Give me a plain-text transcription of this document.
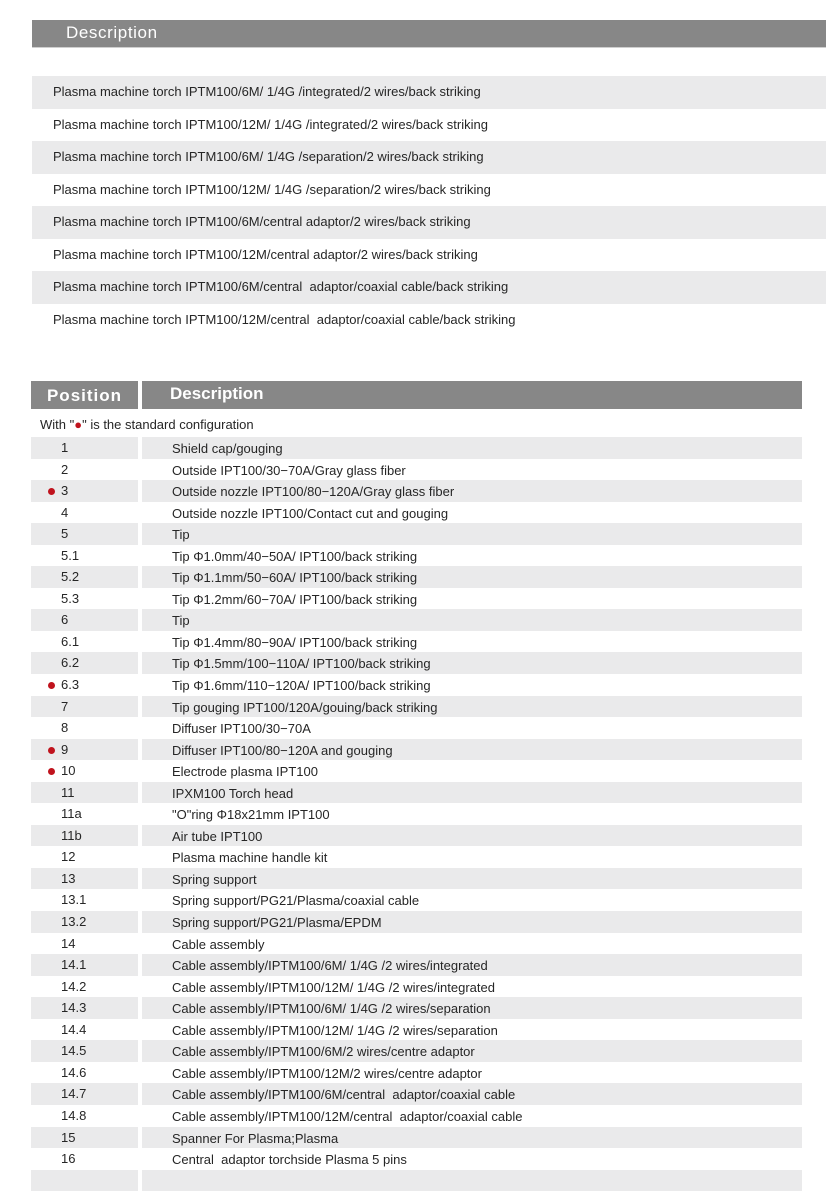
Description
Plasma machine torch IPTM100/6M/ 1/4G /integrated/2 wires/back striking
Plasma machine torch IPTM100/12M/ 1/4G /integrated/2 wires/back striking
Plasma machine torch IPTM100/6M/ 1/4G /separation/2 wires/back striking
Plasma machine torch IPTM100/12M/ 1/4G /separation/2 wires/back striking
Plasma machine torch IPTM100/6M/central adaptor/2 wires/back striking
Plasma machine torch IPTM100/12M/central adaptor/2 wires/back striking
Plasma machine torch IPTM100/6M/central  adaptor/coaxial cable/back striking
Plasma machine torch IPTM100/12M/central  adaptor/coaxial cable/back striking
Position	Description
With "●" is the standard configuration
1	Shield cap/gouging
2	Outside IPT100/30−70A/Gray glass fiber
3	Outside nozzle IPT100/80−120A/Gray glass fiber
4	Outside nozzle IPT100/Contact cut and gouging
5	Tip
5.1	Tip Φ1.0mm/40−50A/ IPT100/back striking
5.2	Tip Φ1.1mm/50−60A/ IPT100/back striking
5.3	Tip Φ1.2mm/60−70A/ IPT100/back striking
6	Tip
6.1	Tip Φ1.4mm/80−90A/ IPT100/back striking
6.2	Tip Φ1.5mm/100−110A/ IPT100/back striking
6.3	Tip Φ1.6mm/110−120A/ IPT100/back striking
7	Tip gouging IPT100/120A/gouing/back striking
8	Diffuser IPT100/30−70A
9	Diffuser IPT100/80−120A and gouging
10	Electrode plasma IPT100
11	IPXM100 Torch head
11a	"O"ring Φ18x21mm IPT100
11b	Air tube IPT100
12	Plasma machine handle kit
13	Spring support
13.1	Spring support/PG21/Plasma/coaxial cable
13.2	Spring support/PG21/Plasma/EPDM
14	Cable assembly
14.1	Cable assembly/IPTM100/6M/ 1/4G /2 wires/integrated
14.2	Cable assembly/IPTM100/12M/ 1/4G /2 wires/integrated
14.3	Cable assembly/IPTM100/6M/ 1/4G /2 wires/separation
14.4	Cable assembly/IPTM100/12M/ 1/4G /2 wires/separation
14.5	Cable assembly/IPTM100/6M/2 wires/centre adaptor
14.6	Cable assembly/IPTM100/12M/2 wires/centre adaptor
14.7	Cable assembly/IPTM100/6M/central  adaptor/coaxial cable
14.8	Cable assembly/IPTM100/12M/central  adaptor/coaxial cable
15	Spanner For Plasma;Plasma
16	Central  adaptor torchside Plasma 5 pins
